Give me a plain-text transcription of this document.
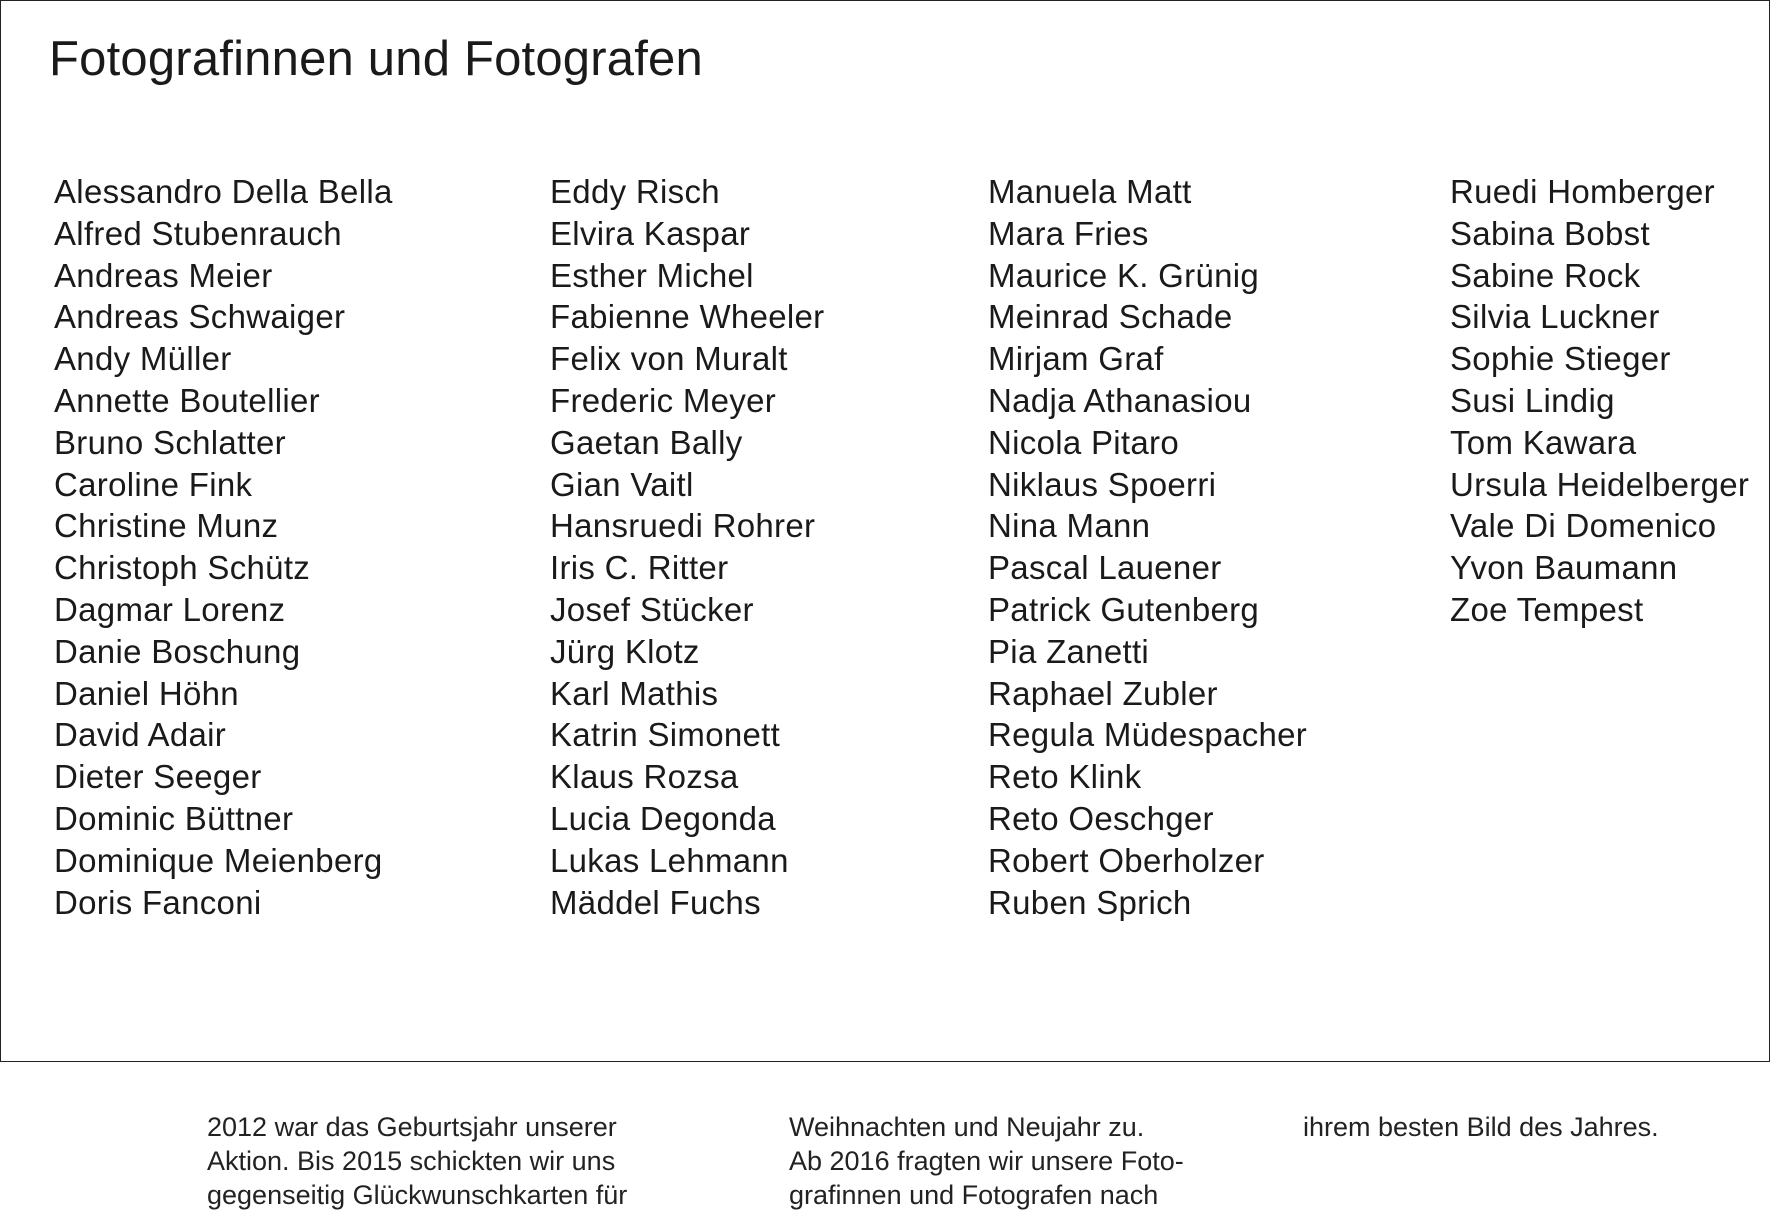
Fotografinnen und Fotografen
Alessandro Della Bella
Alfred Stubenrauch
Andreas Meier
Andreas Schwaiger
Andy Müller
Annette Boutellier
Bruno Schlatter
Caroline Fink
Christine Munz
Christoph Schütz
Dagmar Lorenz
Danie Boschung
Daniel Höhn
David Adair
Dieter Seeger
Dominic Büttner
Dominique Meienberg
Doris Fanconi
Eddy Risch
Elvira Kaspar
Esther Michel
Fabienne Wheeler
Felix von Muralt
Frederic Meyer
Gaetan Bally
Gian Vaitl
Hansruedi Rohrer
Iris C. Ritter
Josef Stücker
Jürg Klotz
Karl Mathis
Katrin Simonett
Klaus Rozsa
Lucia Degonda
Lukas Lehmann
Mäddel Fuchs
Manuela Matt
Mara Fries
Maurice K. Grünig
Meinrad Schade
Mirjam Graf
Nadja Athanasiou
Nicola Pitaro
Niklaus Spoerri
Nina Mann
Pascal Lauener
Patrick Gutenberg
Pia Zanetti
Raphael Zubler
Regula Müdespacher
Reto Klink
Reto Oeschger
Robert Oberholzer
Ruben Sprich
Ruedi Homberger
Sabina Bobst
Sabine Rock
Silvia Luckner
Sophie Stieger
Susi Lindig
Tom Kawara
Ursula Heidelberger
Vale Di Domenico
Yvon Baumann
Zoe Tempest

2012 war das Geburtsjahr unserer

Aktion. Bis 2015 schickten wir uns

gegenseitig Glückwunschkarten für

Weihnachten und Neujahr zu.

Ab 2016 fragten wir unsere Foto-

grafinnen und Fotografen nach

ihrem besten Bild des Jahres.
